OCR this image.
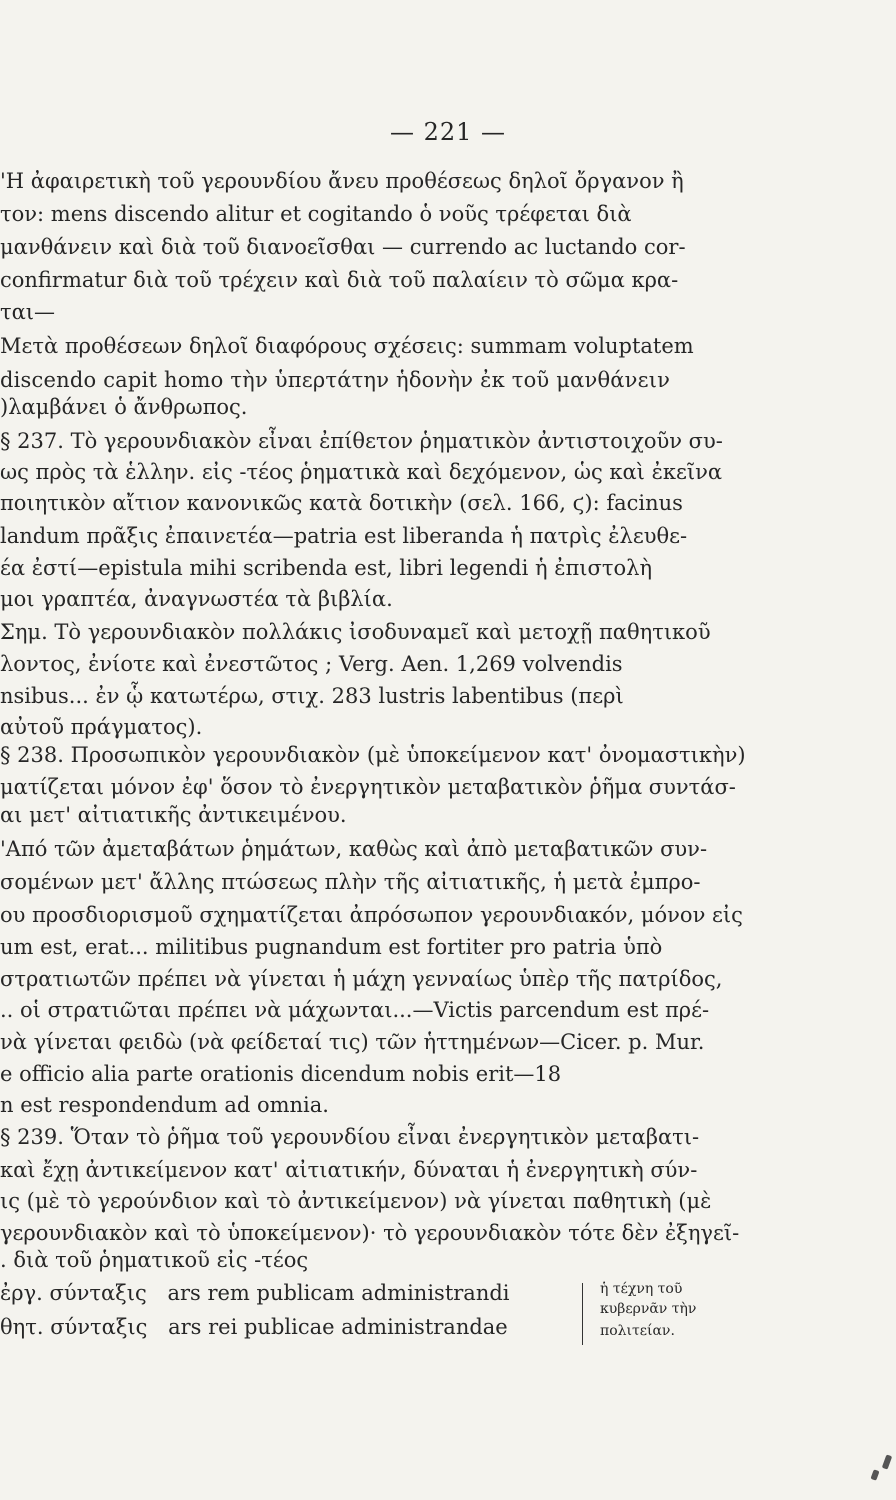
— 221 —
'Η ἀφαιρετικὴ τοῦ γερουνδίου ἄνευ προθέσεως δηλοῖ ὄργανον ἢ
τον: mens discendo alitur et cogitando ὁ νοῦς τρέφεται διὰ
μανθάνειν καὶ διὰ τοῦ διανοεῖσθαι — currendo ac luctando cor-
confirmatur διὰ τοῦ τρέχειν καὶ διὰ τοῦ παλαίειν τὸ σῶμα κρα-
ται—
Μετὰ προθέσεων δηλοῖ διαφόρους σχέσεις: summam voluptatem
discendo capit homo τὴν ὑπερτάτην ἡδονὴν ἐκ τοῦ μανθάνειν
)λαμβάνει ὁ ἄνθρωπος.
§ 237. Τὸ γερουνδιακὸν εἶναι ἐπίθετον ῥηματικὸν ἀντιστοιχοῦν συ-
ως πρὸς τὰ ἑλλην. εἰς -τέος ῥηματικὰ καὶ δεχόμενον, ὡς καὶ ἐκεῖνα
ποιητικὸν αἴτιον κανονικῶς κατὰ δοτικὴν (σελ. 166, ϛ): facinus
landum πρᾶξις ἐπαινετέα—patria est liberanda ἡ πατρὶς ἐλευθε-
έα ἐστί—epistula mihi scribenda est, libri legendi ἡ ἐπιστολὴ
μοι γραπτέα, ἀναγνωστέα τὰ βιβλία.
Σημ. Τὸ γερουνδιακὸν πολλάκις ἰσοδυναμεῖ καὶ μετοχῇ παθητικοῦ
λοντος, ἐνίοτε καὶ ἐνεστῶτος ; Verg. Aen. 1,269 volvendis
nsibus... ἐν ᾧ κατωτέρω, στιχ. 283 lustris labentibus (περὶ
αὐτοῦ πράγματος).
§ 238. Προσωπικὸν γερουνδιακὸν (μὲ ὑποκείμενον κατ' ὀνομαστικὴν)
ματίζεται μόνον ἐφ' ὅσον τὸ ἐνεργητικὸν μεταβατικὸν ῥῆμα συντάσ-
αι μετ' αἰτιατικῆς ἀντικειμένου.
'Από τῶν ἀμεταβάτων ῥημάτων, καθὼς καὶ ἀπὸ μεταβατικῶν συν-
σομένων μετ' ἄλλης πτώσεως πλὴν τῆς αἰτιατικῆς, ἡ μετὰ ἐμπρο-
ου προσδιορισμοῦ σχηματίζεται ἀπρόσωπον γερουνδιακόν, μόνον εἰς
um est, erat... militibus pugnandum est fortiter pro patria ὑπὸ
στρατιωτῶν πρέπει νὰ γίνεται ἡ μάχη γενναίως ὑπὲρ τῆς πατρίδος,
.. οἱ στρατιῶται πρέπει νὰ μάχωνται...—Victis parcendum est πρέ-
νὰ γίνεται φειδὼ (νὰ φείδεταί τις) τῶν ἡττημένων—Cicer. p. Mur.
e officio alia parte orationis dicendum nobis erit—18
n est respondendum ad omnia.
§ 239. Ὅταν τὸ ῥῆμα τοῦ γερουνδίου εἶναι ἐνεργητικὸν μεταβατι-
καὶ ἔχῃ ἀντικείμενον κατ' αἰτιατικήν, δύναται ἡ ἐνεργητικὴ σύν-
ις (μὲ τὸ γερούνδιον καὶ τὸ ἀντικείμενον) νὰ γίνεται παθητικὴ (μὲ
γερουνδιακὸν καὶ τὸ ὑποκείμενον)· τὸ γερουνδιακὸν τότε δὲν ἐξηγεῖ-
. διὰ τοῦ ῥηματικοῦ εἰς -τέος
ἐργ. σύνταξις ars rem publicam administrandi
θητ. σύνταξις ars rei publicae administrandae
ἡ τέχνη τοῦ
κυβερνᾶν τὴν
πολιτείαν.
